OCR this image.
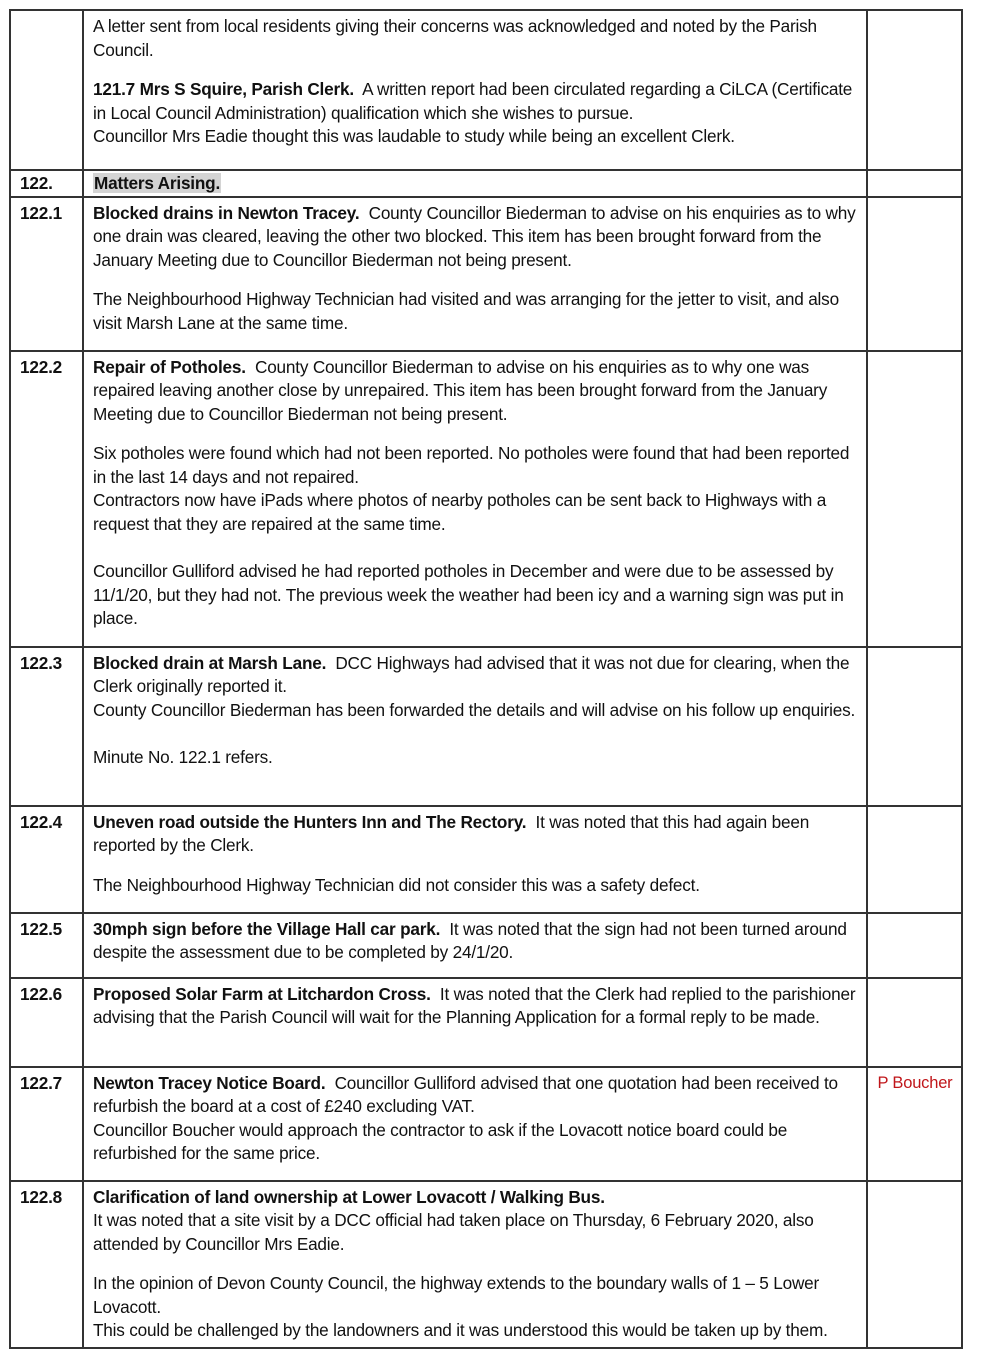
	A letter sent from local residents giving their concerns was acknowledged and noted by the Parish Council.

121.7 Mrs S Squire, Parish Clerk. A written report had been circulated regarding a CiLCA (Certificate in Local Council Administration) qualification which she wishes to pursue.

Councillor Mrs Eadie thought this was laudable to study while being an excellent Clerk.	

122.	Matters Arising.	
122.1	Blocked drains in Newton Tracey. County Councillor Biederman to advise on his enquiries as to why one drain was cleared, leaving the other two blocked. This item has been brought forward from the January Meeting due to Councillor Biederman not being present.

The Neighbourhood Highway Technician had visited and was arranging for the jetter to visit, and also visit Marsh Lane at the same time.	

122.2	Repair of Potholes. County Councillor Biederman to advise on his enquiries as to why one was repaired leaving another close by unrepaired. This item has been brought forward from the January Meeting due to Councillor Biederman not being present.

Six potholes were found which had not been reported. No potholes were found that had been reported in the last 14 days and not repaired.

Contractors now have iPads where photos of nearby potholes can be sent back to Highways with a request that they are repaired at the same time.

Councillor Gulliford advised he had reported potholes in December and were due to be assessed by 11/1/20, but they had not. The previous week the weather had been icy and a warning sign was put in place.	

122.3	Blocked drain at Marsh Lane. DCC Highways had advised that it was not due for clearing, when the Clerk originally reported it.

County Councillor Biederman has been forwarded the details and will advise on his follow up enquiries.

Minute No. 122.1 refers.	

122.4	Uneven road outside the Hunters Inn and The Rectory. It was noted that this had again been reported by the Clerk.

The Neighbourhood Highway Technician did not consider this was a safety defect.	

122.5	30mph sign before the Village Hall car park. It was noted that the sign had not been turned around despite the assessment due to be completed by 24/1/20.	

122.6	Proposed Solar Farm at Litchardon Cross. It was noted that the Clerk had replied to the parishioner advising that the Parish Council will wait for the Planning Application for a formal reply to be made.	

122.7	Newton Tracey Notice Board. Councillor Gulliford advised that one quotation had been received to refurbish the board at a cost of £240 excluding VAT.

Councillor Boucher would approach the contractor to ask if the Lovacott notice board could be refurbished for the same price.	P Boucher
122.8	Clarification of land ownership at Lower Lovacott / Walking Bus.

It was noted that a site visit by a DCC official had taken place on Thursday, 6 February 2020, also attended by Councillor Mrs Eadie.

In the opinion of Devon County Council, the highway extends to the boundary walls of 1 – 5 Lower Lovacott.

This could be challenged by the landowners and it was understood this would be taken up by them.	
